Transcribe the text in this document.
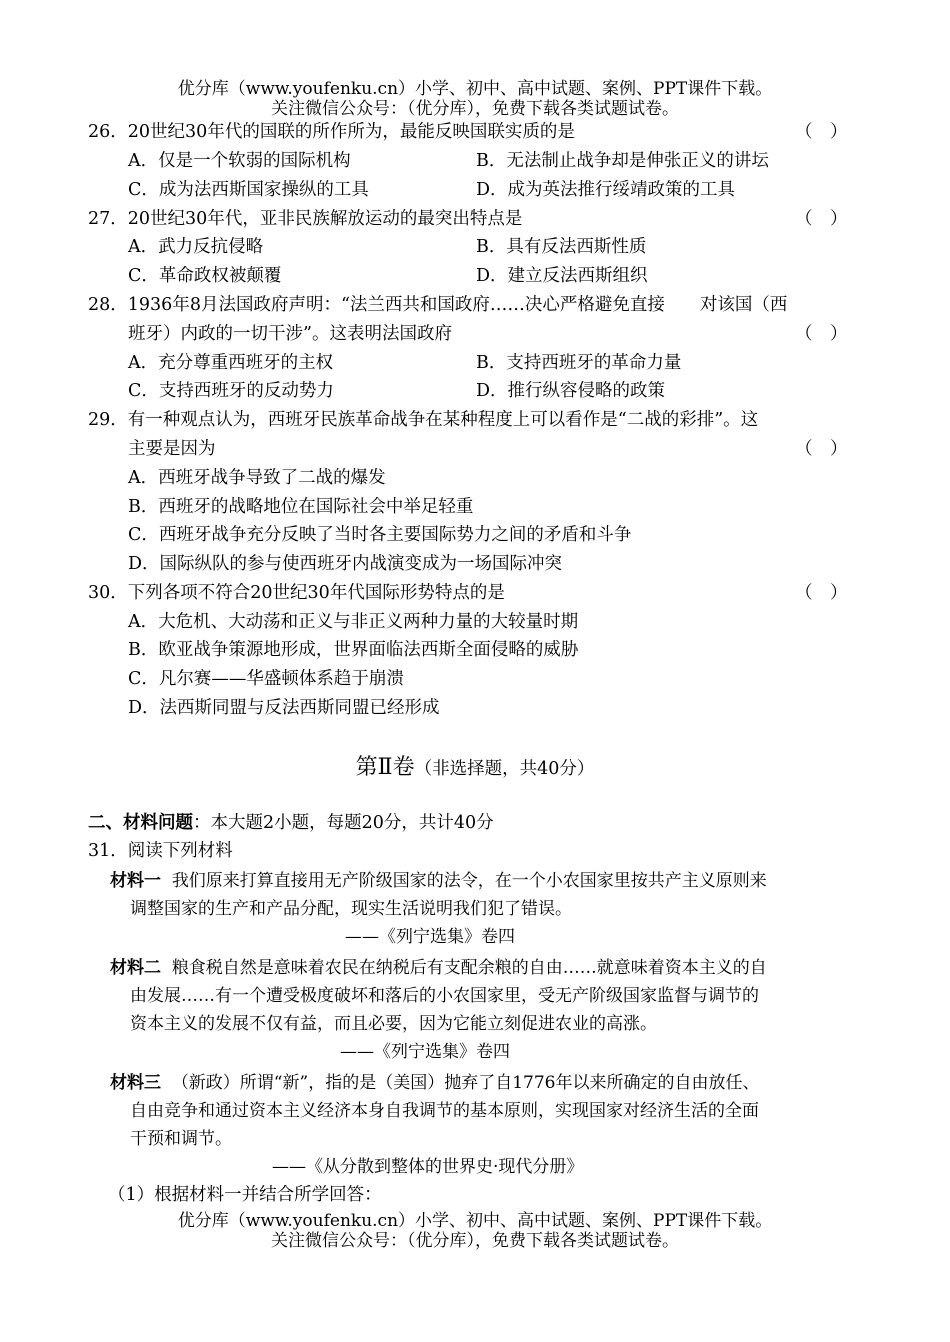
优分库（www.youfenku.cn）小学、初中、高中试题、案例、PPT课件下载。
关注微信公众号：（优分库），免费下载各类试题试卷。
26．20世纪30年代的国联的所作所为，最能反映国联实质的是	（　）
A．仅是一个软弱的国际机构	B．无法制止战争却是伸张正义的讲坛
C．成为法西斯国家操纵的工具	D．成为英法推行绥靖政策的工具
27．20世纪30年代，亚非民族解放运动的最突出特点是	（　）
A．武力反抗侵略	B．具有反法西斯性质
C．革命政权被颠覆	D．建立反法西斯组织
28．1936年8月法国政府声明：“法兰西共和国政府……决心严格避免直接　　对该国（西
班牙）内政的一切干涉”。这表明法国政府	（　）
A．充分尊重西班牙的主权	B．支持西班牙的革命力量
C．支持西班牙的反动势力	D．推行纵容侵略的政策
29．有一种观点认为，西班牙民族革命战争在某种程度上可以看作是“二战的彩排”。这
主要是因为	（　）
A．西班牙战争导致了二战的爆发
B．西班牙的战略地位在国际社会中举足轻重
C．西班牙战争充分反映了当时各主要国际势力之间的矛盾和斗争
D．国际纵队的参与使西班牙内战演变成为一场国际冲突
30．下列各项不符合20世纪30年代国际形势特点的是	（　）
A．大危机、大动荡和正义与非正义两种力量的大较量时期
B．欧亚战争策源地形成，世界面临法西斯全面侵略的威胁
C．凡尔赛——华盛顿体系趋于崩溃
D．法西斯同盟与反法西斯同盟已经形成
第Ⅱ卷（非选择题，共40分）
二、材料问题：本大题2小题，每题20分，共计40分
31．阅读下列材料
材料一 我们原来打算直接用无产阶级国家的法令，在一个小农国家里按共产主义原则来
调整国家的生产和产品分配，现实生活说明我们犯了错误。
——《列宁选集》卷四
材料二 粮食税自然是意味着农民在纳税后有支配余粮的自由……就意味着资本主义的自
由发展……有一个遭受极度破坏和落后的小农国家里，受无产阶级国家监督与调节的
资本主义的发展不仅有益，而且必要，因为它能立刻促进农业的高涨。
——《列宁选集》卷四
材料三 （新政）所谓“新”，指的是（美国）抛弃了自1776年以来所确定的自由放任、
自由竞争和通过资本主义经济本身自我调节的基本原则，实现国家对经济生活的全面
干预和调节。
——《从分散到整体的世界史·现代分册》
（1）根据材料一并结合所学回答：
优分库（www.youfenku.cn）小学、初中、高中试题、案例、PPT课件下载。
关注微信公众号：（优分库），免费下载各类试题试卷。
